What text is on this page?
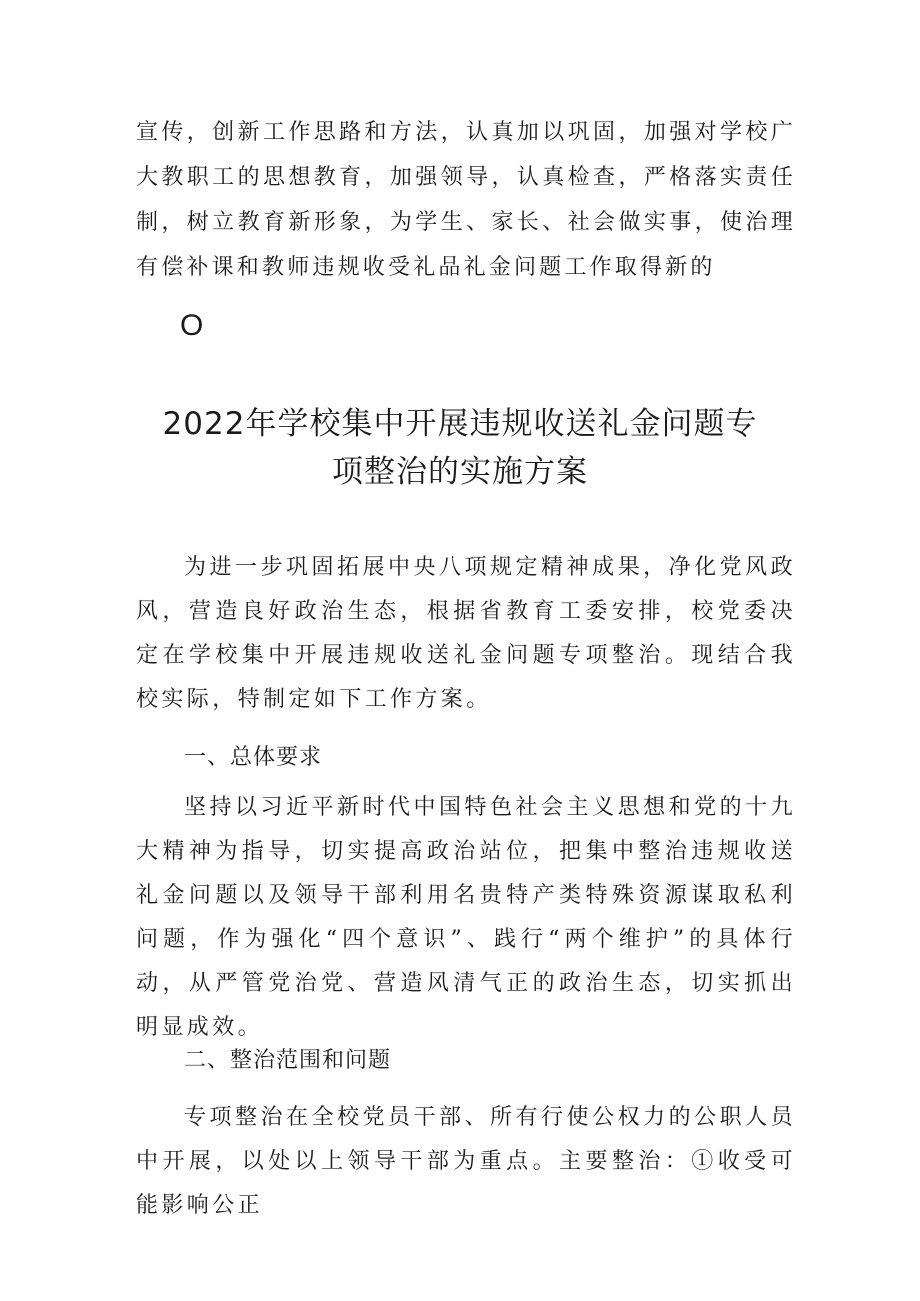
宣传，创新工作思路和方法，认真加以巩固，加强对学校广大教职工的思想教育，加强领导，认真检查，严格落实责任制，树立教育新形象，为学生、家长、社会做实事，使治理有偿补课和教师违规收受礼品礼金问题工作取得新的
O
2022年学校集中开展违规收送礼金问题专
项整治的实施方案
为进一步巩固拓展中央八项规定精神成果，净化党风政风，营造良好政治生态，根据省教育工委安排，校党委决定在学校集中开展违规收送礼金问题专项整治。现结合我校实际，特制定如下工作方案。
一、总体要求
坚持以习近平新时代中国特色社会主义思想和党的十九大精神为指导，切实提高政治站位，把集中整治违规收送礼金问题以及领导干部利用名贵特产类特殊资源谋取私利问题，作为强化“四个意识”、践行“两个维护”的具体行动，从严管党治党、营造风清气正的政治生态，切实抓出明显成效。
二、整治范围和问题
专项整治在全校党员干部、所有行使公权力的公职人员中开展，以处以上领导干部为重点。主要整治：①收受可能影响公正
